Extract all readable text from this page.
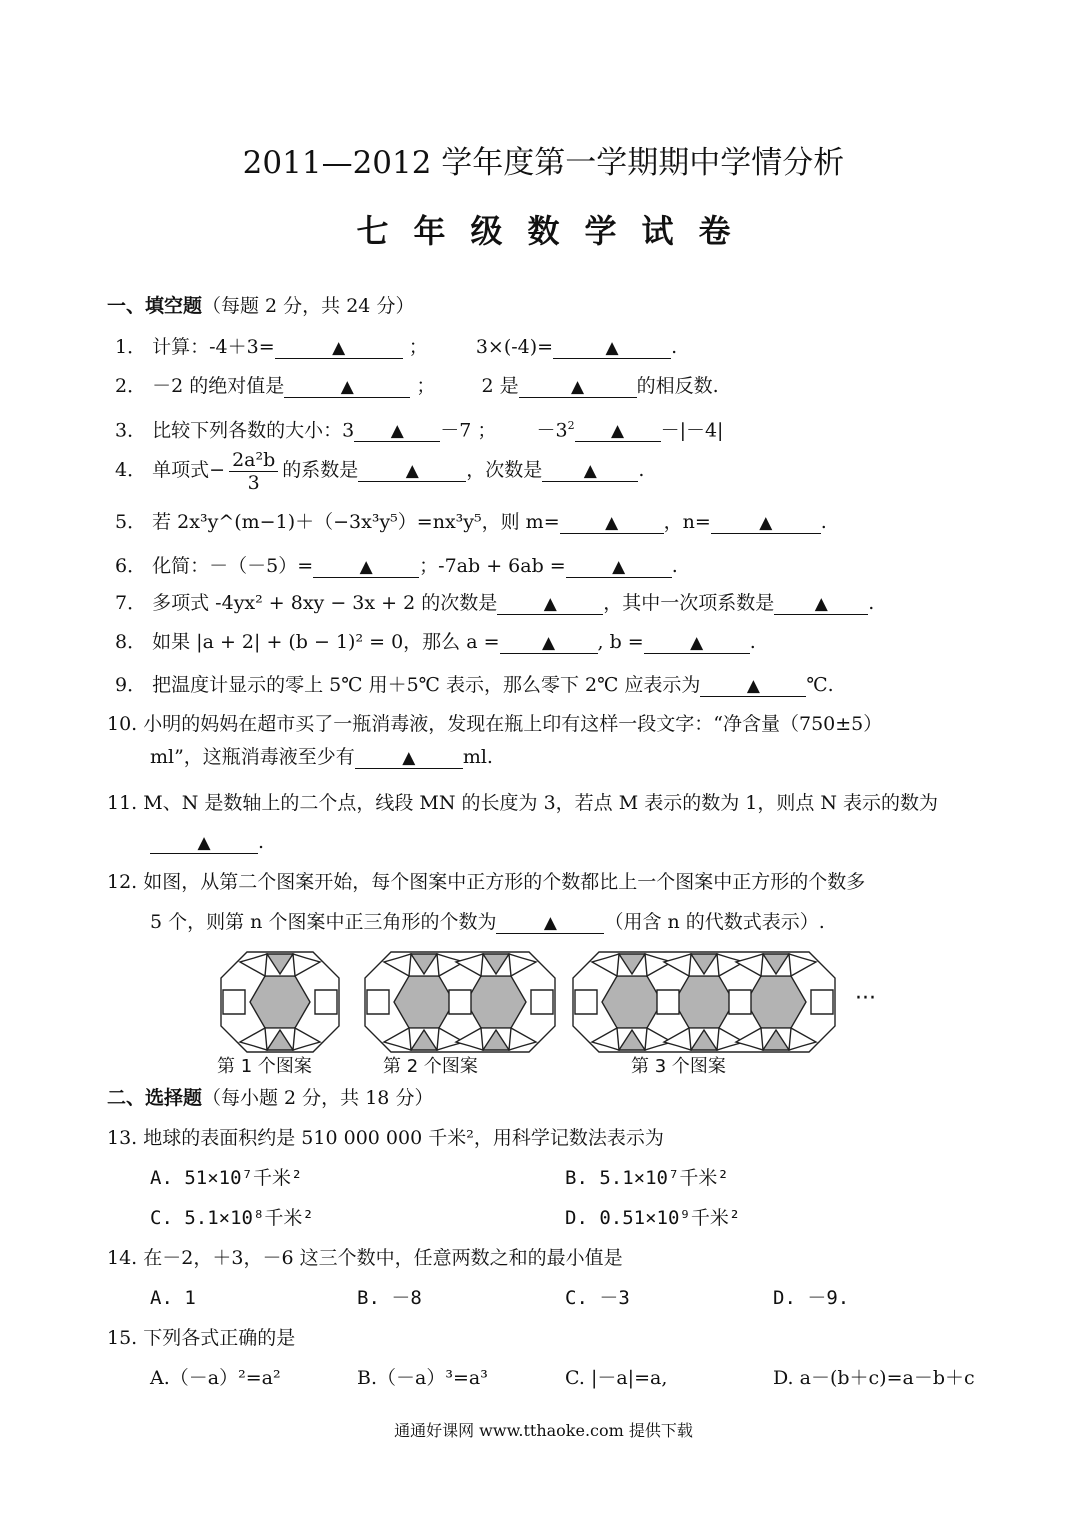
2011—2012 学年度第一学期期中学情分析
七年级数学试卷
一、填空题（每题 2 分，共 24 分）
1． 计算：-4＋3=	▲	；	3×(-4)=	▲	.
2． －2 的绝对值是	▲	； 2 是	▲	的相反数.
3． 比较下列各数的大小：3 ▲ －7 ； $-3^2$ ▲ －|－4|
4． 单项式− $\frac{\text{2a²b}}{3}$ 的系数是	▲ ，次数是 ▲ .
5． 若 2x³y^(m−1)＋（−3x³y⁵）=nx³y⁵，则 m=	▲ ，n=	▲	.
6． 化简：－（－5）=	▲ ；-7ab + 6ab =	▲ .
7． 多项式 -4yx² + 8xy − 3x + 2 的次数是	▲ ，其中一次项系数是 ▲ .
8． 如果 |a + 2| + (b − 1)² = 0，那么 a = ▲ , b =	▲ .
9． 把温度计显示的零上 5℃ 用＋5℃ 表示，那么零下 2℃ 应表示为	▲ ℃.
10. 小明的妈妈在超市买了一瓶消毒液，发现在瓶上印有这样一段文字：“净含量（750±5）
ml”，这瓶消毒液至少有	▲ ml.
11. M、N 是数轴上的二个点，线段 MN 的长度为 3，若点 M 表示的数为 1，则点 N 表示的数为
▲ .
12. 如图，从第二个图案开始，每个图案中正方形的个数都比上一个图案中正方形的个数多
5 个，则第 n 个图案中正三角形的个数为	▲ （用含 n 的代数式表示）.
第 1 个图案	第 2 个图案	第 3 个图案
···
二、选择题（每小题 2 分，共 18 分）
13. 地球的表面积约是 510 000 000 千米²，用科学记数法表示为
A. 51×10⁷千米²	B. 5.1×10⁷千米²
C. 5.1×10⁸千米²	D. 0.51×10⁹千米²
14. 在－2，＋3，－6 这三个数中，任意两数之和的最小值是
A. 1	B. －8	C. －3	D. －9.
15. 下列各式正确的是
A.（－a）²=a²	B.（－a）³=a³	C. |－a|=a,	D. a－(b＋c)=a－b＋c
通通好课网 www.tthaoke.com 提供下载
